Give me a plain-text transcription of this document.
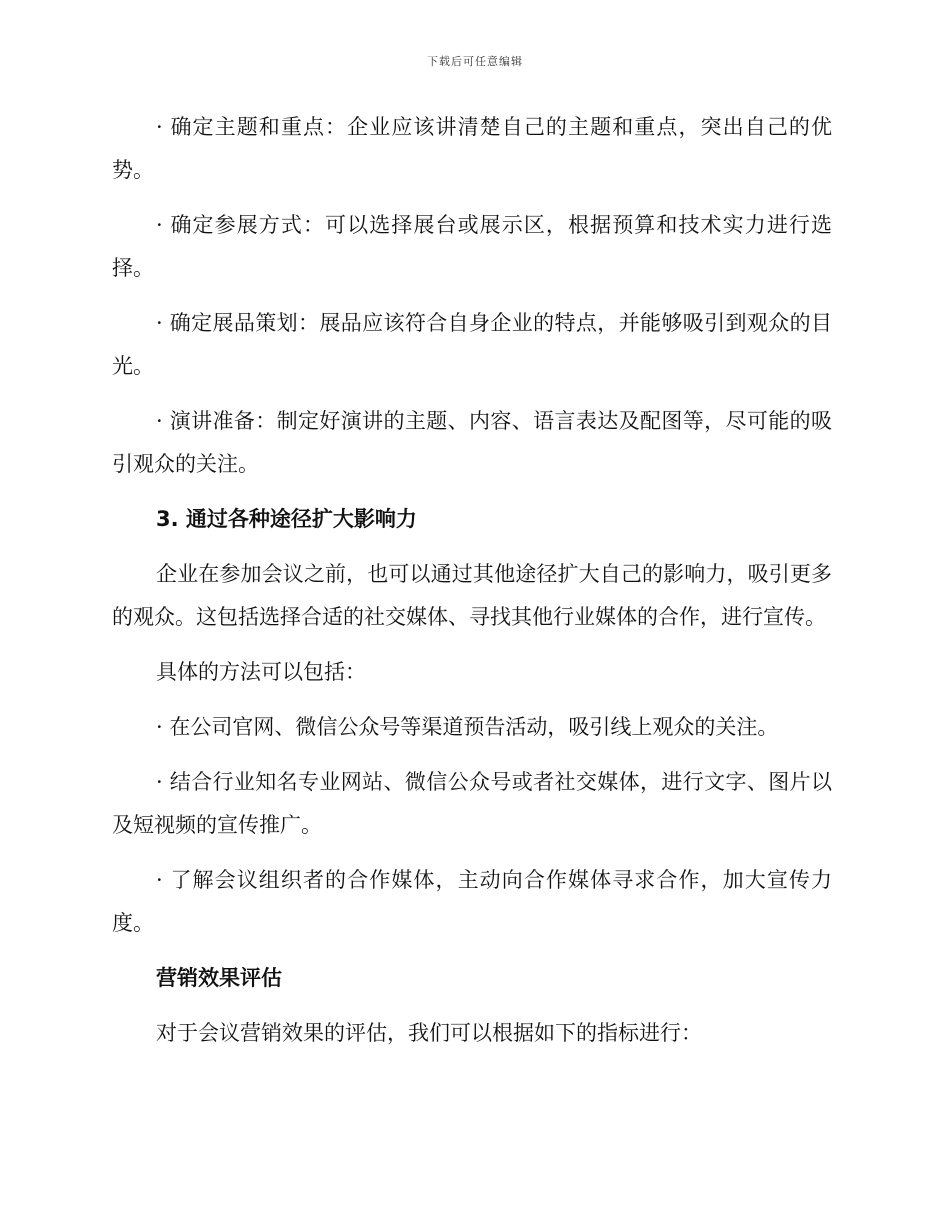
下载后可任意编辑

· 确定主题和重点：企业应该讲清楚自己的主题和重点，突出自己的优势。

· 确定参展方式：可以选择展台或展示区，根据预算和技术实力进行选择。

· 确定展品策划：展品应该符合自身企业的特点，并能够吸引到观众的目光。

· 演讲准备：制定好演讲的主题、内容、语言表达及配图等，尽可能的吸引观众的关注。

3. 通过各种途径扩大影响力

企业在参加会议之前，也可以通过其他途径扩大自己的影响力，吸引更多的观众。这包括选择合适的社交媒体、寻找其他行业媒体的合作，进行宣传。

具体的方法可以包括：

· 在公司官网、微信公众号等渠道预告活动，吸引线上观众的关注。

· 结合行业知名专业网站、微信公众号或者社交媒体，进行文字、图片以及短视频的宣传推广。

· 了解会议组织者的合作媒体，主动向合作媒体寻求合作，加大宣传力度。

营销效果评估

对于会议营销效果的评估，我们可以根据如下的指标进行：
